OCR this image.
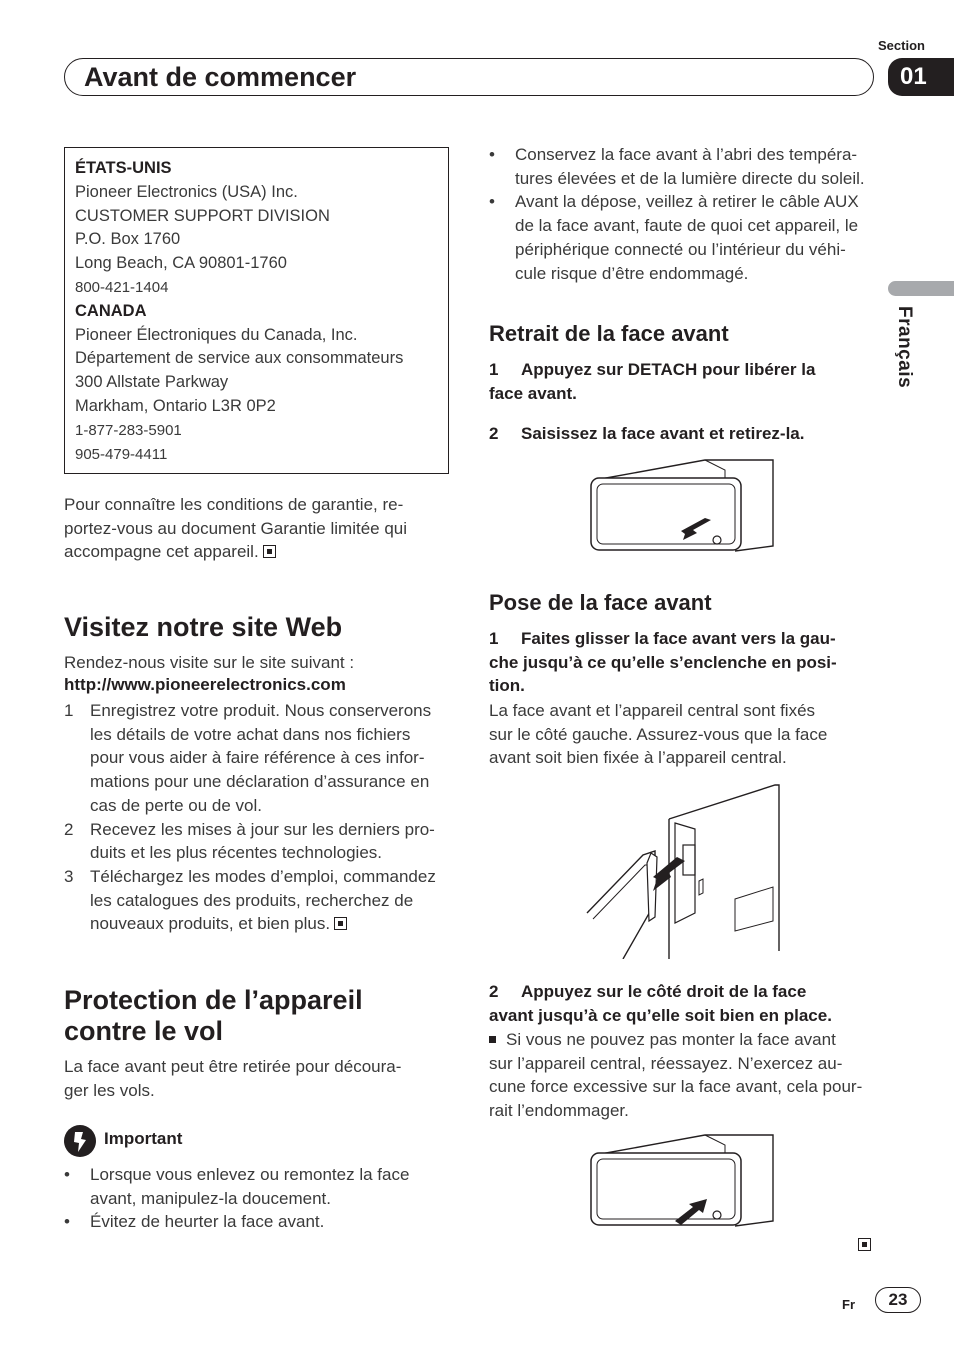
Section
Avant de commencer	01
Français
ÉTATS-UNIS
Pioneer Electronics (USA) Inc.
CUSTOMER SUPPORT DIVISION
P.O. Box 1760
Long Beach, CA 90801-1760
800-421-1404
CANADA
Pioneer Électroniques du Canada, Inc.
Département de service aux consommateurs
300 Allstate Parkway
Markham, Ontario L3R 0P2
1-877-283-5901
905-479-4411
Pour connaître les conditions de garantie, re-
portez-vous au document Garantie limitée qui
accompagne cet appareil.
Visitez notre site Web
Rendez-nous visite sur le site suivant :
http://www.pioneerelectronics.com
1 Enregistrez votre produit. Nous conserverons
les détails de votre achat dans nos fichiers
pour vous aider à faire référence à ces infor-
mations pour une déclaration d’assurance en
cas de perte ou de vol.
2 Recevez les mises à jour sur les derniers pro-
duits et les plus récentes technologies.
3 Téléchargez les modes d’emploi, commandez
les catalogues des produits, recherchez de
nouveaux produits, et bien plus.
Protection de l’appareil
contre le vol
La face avant peut être retirée pour découra-
ger les vols.
Important
• Lorsque vous enlevez ou remontez la face
avant, manipulez-la doucement.
• Évitez de heurter la face avant.
• Conservez la face avant à l’abri des tempéra-
tures élevées et de la lumière directe du soleil.
• Avant la dépose, veillez à retirer le câble AUX
de la face avant, faute de quoi cet appareil, le
périphérique connecté ou l’intérieur du véhi-
cule risque d’être endommagé.
Retrait de la face avant
1 Appuyez sur DETACH pour libérer la
face avant.
2 Saisissez la face avant et retirez-la.
Pose de la face avant
1 Faites glisser la face avant vers la gau-
che jusqu’à ce qu’elle s’enclenche en posi-
tion.
La face avant et l’appareil central sont fixés
sur le côté gauche. Assurez-vous que la face
avant soit bien fixée à l’appareil central.
2 Appuyez sur le côté droit de la face
avant jusqu’à ce qu’elle soit bien en place.
Si vous ne pouvez pas monter la face avant
sur l’appareil central, réessayez. N’exercez au-
cune force excessive sur la face avant, cela pour-
rait l’endommager.
Fr	23
